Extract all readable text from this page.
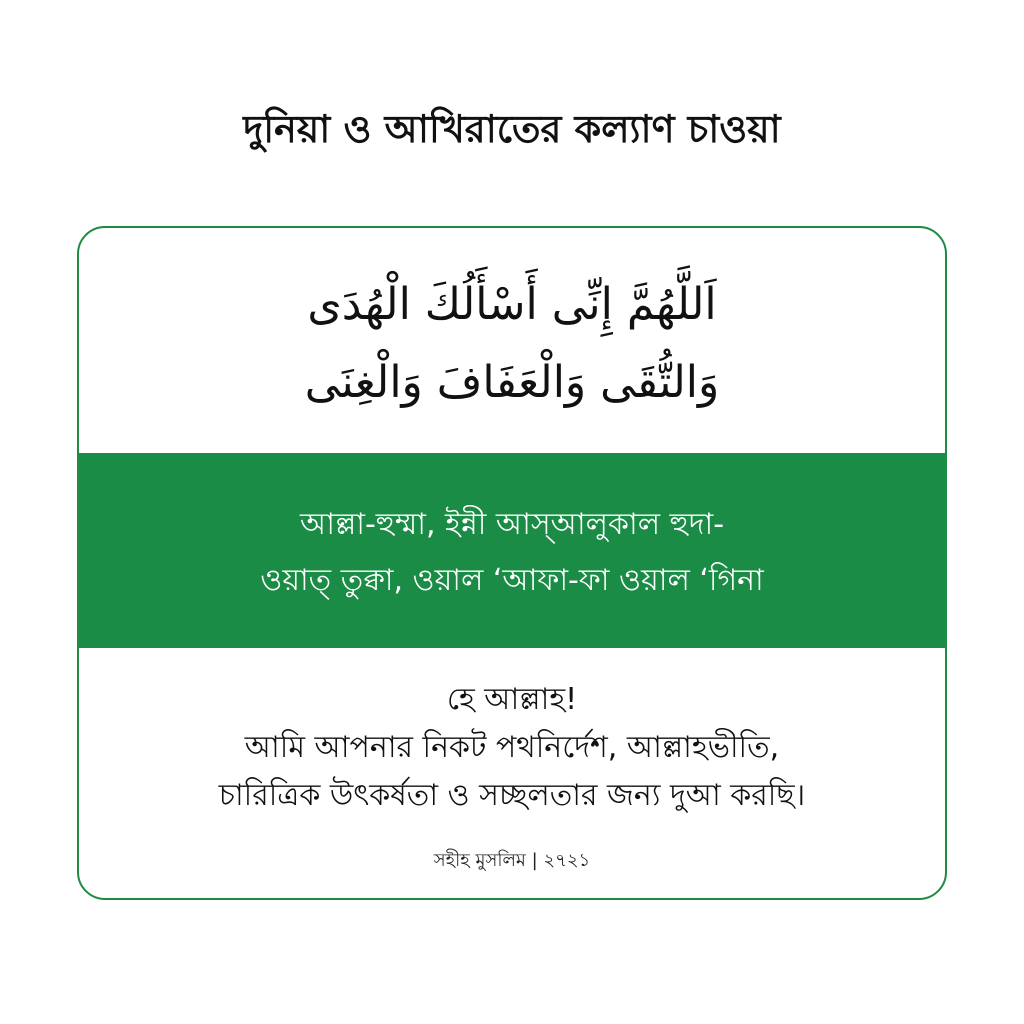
দুনিয়া ও আখিরাতের কল্যাণ চাওয়া
اَللَّهُمَّ إِنِّى أَسْأَلُكَ الْهُدَى
وَالتُّقَى وَالْعَفَافَ وَالْغِنَى
আল্লা-হুম্মা, ইন্নী আস্‌আলুকাল হুদা-
ওয়াত্‌ তুক্বা, ওয়াল ‘আফা-ফা ওয়াল ‘গিনা
হে আল্লাহ!
আমি আপনার নিকট পথনির্দেশ, আল্লাহভীতি,
চারিত্রিক উৎকর্ষতা ও সচ্ছলতার জন্য দুআ করছি।
সহীহ মুসলিম | ২৭২১
